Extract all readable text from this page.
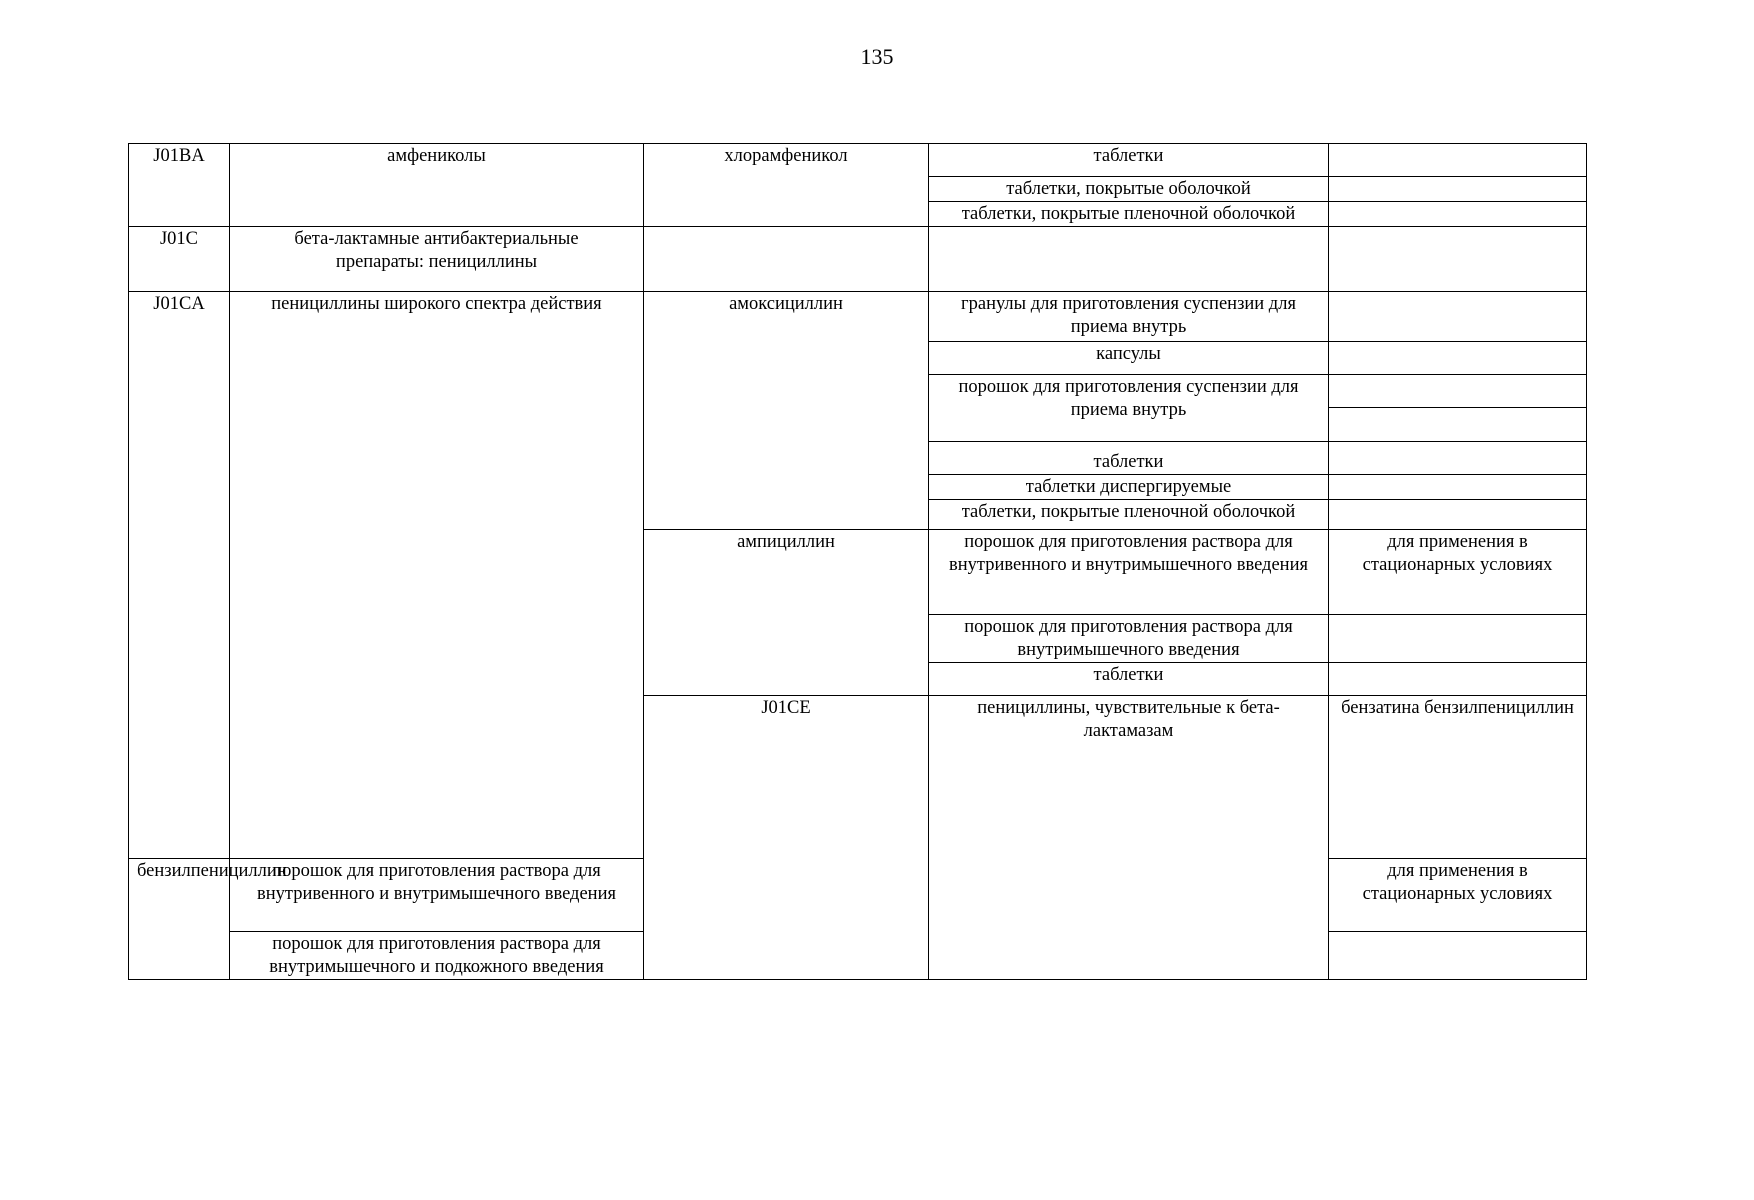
135
J01BA	амфениколы	хлорамфеникол	таблетки		
			таблетки, покрытые оболочкой		
			таблетки, покрытые пленочной оболочкой		
J01C	бета-лактамные антибактериальные препараты: пенициллины				
J01CA	пенициллины широкого спектра действия	амоксициллин	гранулы для приготовления суспензии для приема внутрь		
			капсулы		
			порошок для приготовления суспензии для приема внутрь		

			таблетки		
			таблетки диспергируемые		
			таблетки, покрытые пленочной оболочкой		
		ампициллин	порошок для приготовления раствора для внутривенного и внутримышечного введения	для применения в стационарных условиях	
			порошок для приготовления раствора для внутримышечного введения		
			таблетки		
		J01CE	пенициллины, чувствительные к бета-лактамазам	бензатина бензилпенициллин		
бензилпенициллин	порошок для приготовления раствора для внутривенного и внутримышечного введения			для применения в стационарных условиях	
	порошок для приготовления раствора для внутримышечного и подкожного введения				
